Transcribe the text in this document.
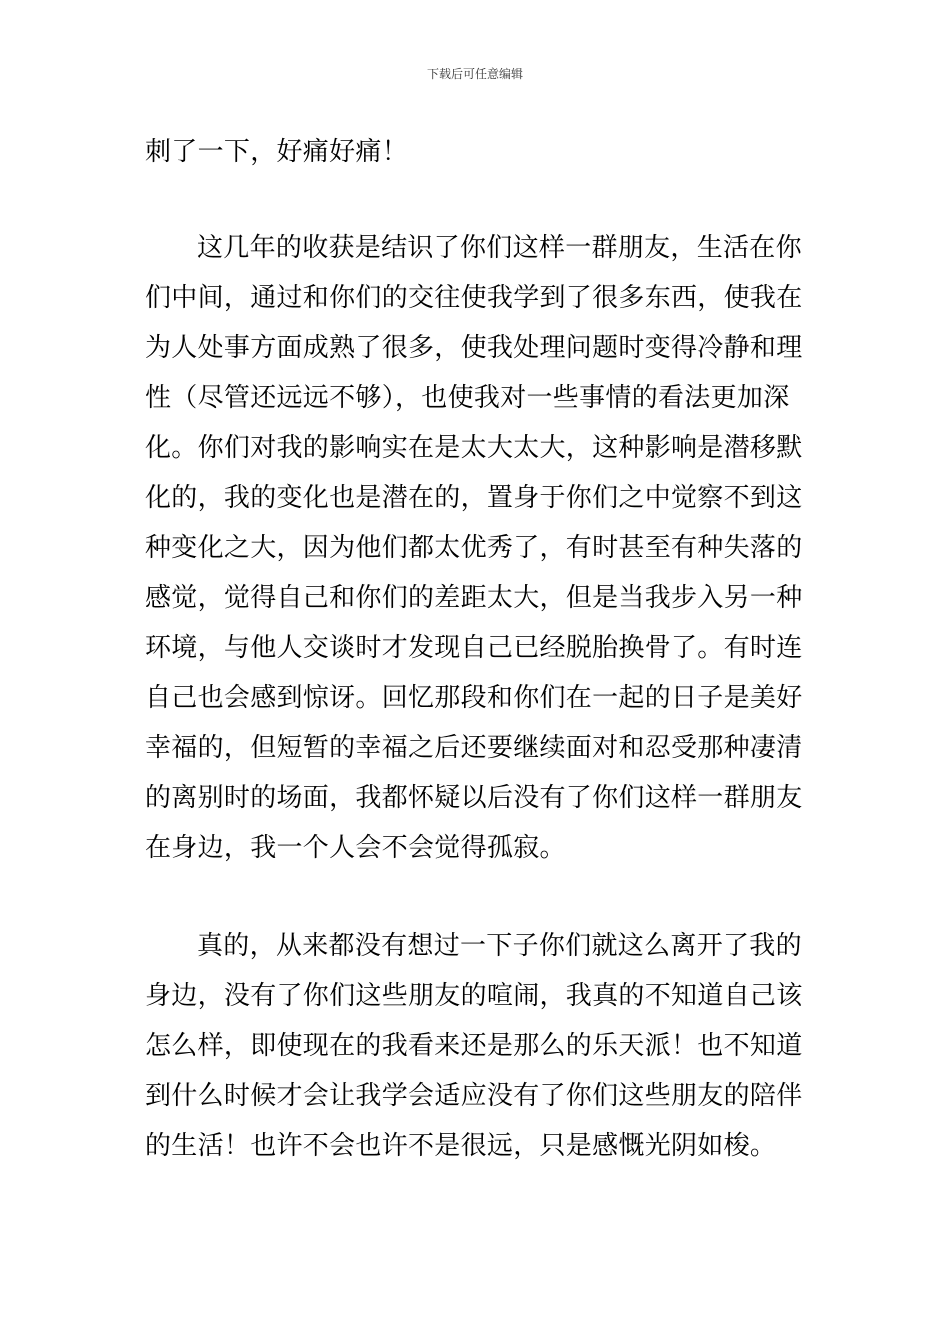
下载后可任意编辑

刺了一下，好痛好痛！

这几年的收获是结识了你们这样一群朋友，生活在你们中间，通过和你们的交往使我学到了很多东西，使我在为人处事方面成熟了很多，使我处理问题时变得冷静和理性（尽管还远远不够），也使我对一些事情的看法更加深化。你们对我的影响实在是太大太大，这种影响是潜移默化的，我的变化也是潜在的，置身于你们之中觉察不到这种变化之大，因为他们都太优秀了，有时甚至有种失落的感觉，觉得自己和你们的差距太大，但是当我步入另一种环境，与他人交谈时才发现自己已经脱胎换骨了。有时连自己也会感到惊讶。回忆那段和你们在一起的日子是美好幸福的，但短暂的幸福之后还要继续面对和忍受那种凄清的离别时的场面，我都怀疑以后没有了你们这样一群朋友在身边，我一个人会不会觉得孤寂。

真的，从来都没有想过一下子你们就这么离开了我的身边，没有了你们这些朋友的喧闹，我真的不知道自己该怎么样，即使现在的我看来还是那么的乐天派！也不知道到什么时候才会让我学会适应没有了你们这些朋友的陪伴的生活！也许不会也许不是很远，只是感慨光阴如梭。
